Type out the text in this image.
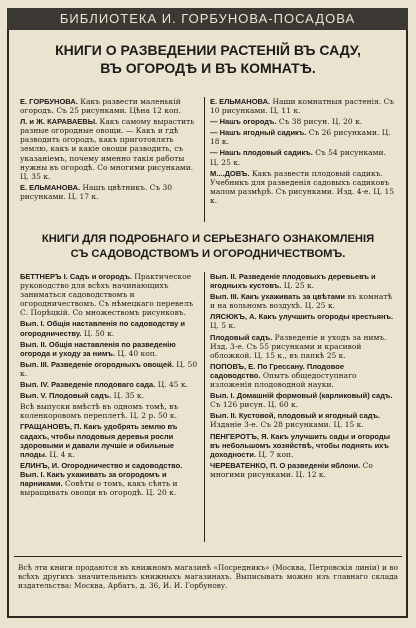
БИБЛИОТЕКА И. ГОРБУНОВА-ПОСАДОВА
КНИГИ О РАЗВЕДЕНИИ РАСТЕНІЙ ВЪ САДУ,
ВЪ ОГОРОДѢ И ВЪ КОМНАТѢ.
Е. ГОРБУНОВА. Какъ развести маленькій огородъ. Съ 25 рисунками. Цѣна 12 коп.
Л. и Ж. КАРАВАЕВЫ. Какъ самому вырастить разные огородные овощи. — Какъ и гдѣ разводить огородъ, какъ приготовлять землю, какъ и какіе овощи разводить, съ указаніемъ, почему именно такія работы нужны въ огородѣ. Со многими рисунками. Ц. 35 к.
Е. ЕЛЬМАНОВА. Нашъ цвѣтникъ. Съ 30 рисунками. Ц. 17 к.
Е. ЕЛЬМАНОВА. Наши комнатныя растенія. Съ 10 рисунками. Ц. 11 к.
— Нашъ огородъ. Съ 38 рисун. Ц. 20 к.
— Нашъ ягодный садикъ. Съ 26 рисунками. Ц. 18 к.
— Нашъ плодовый садикъ. Съ 54 рисунками. Ц. 25 к.
М....ДОВЪ. Какъ развести плодовый садикъ. Учебникъ для разведенія садовыхъ садиковъ малом размѣрѣ. Съ рисунками. Изд. 4-е. Ц. 15 к.
КНИГИ ДЛЯ ПОДРОБНАГО И СЕРЬЕЗНАГО ОЗНАКОМЛЕНІЯ
СЪ САДОВОДСТВОМЪ И ОГОРОДНИЧЕСТВОМЪ.
БЕТТНЕРЪ І. Садъ и огородъ. Практическое руководство для всѣхъ начинающихъ заниматься садоводствомъ и огородничествомъ. Съ нѣмецкаго перевелъ С. Порѣцкій. Со множествомъ рисунковъ.
Вып. І. Общія наставленія по садоводству и огородничеству. Ц. 50 к.
Вып. ІІ. Общія наставленія по разведенію огорода и уходу за нимъ. Ц. 40 коп.
Вып. ІІІ. Разведеніе огородныхъ овощей. Ц. 50 к.
Вып. IV. Разведеніе плодоваго сада. Ц. 45 к.
Вып. V. Плодовый садъ. Ц. 35 к.
Всѣ выпуски вмѣстѣ въ одномъ томѣ, въ коленкоровомъ переплетѣ. Ц. 2 р. 50 к.
ГРАЩАНОВЪ, П. Какъ удобрять землю въ садахъ, чтобы плодовыя деревья росли здоровыми и давали лучшіе и обильные плоды. Ц. 4 к.
ЕЛИНЪ, И. Огородничество и садоводство. Вып. І. Какъ ухаживать за огородомъ и парниками. Совѣты о томъ, какъ сѣять и выращивать овощи въ огородѣ. Ц. 20 к.
Вып. ІІ. Разведеніе плодовыхъ деревьевъ и ягодныхъ кустовъ. Ц. 25 к.
Вып. ІІІ. Какъ ухаживать за цвѣтами въ комнатѣ и на вольномъ воздухѣ. Ц. 25 к.
ЛЯСЮКЪ, А. Какъ улучшить огороды крестьянъ. Ц. 5 к.
Плодовый садъ. Разведеніе и уходъ за нимъ. Изд. 3-е. Съ 55 рисунками и красивой обложкой. Ц. 15 к., въ папкѣ 25 к.
ПОПОВЪ, Е. По Грессану. Плодовое садоводство. Опытъ общедоступнаго изложенія плодоводной науки.
Вып. І. Домашній формовый (карликовый) садъ. Съ 126 рисун. Ц. 60 к.
Вып. ІІ. Кустовой, плодовый и ягодный садъ. Изданіе 3-е. Съ 28 рисунками. Ц. 15 к.
ПЕНГЕРОТЪ, Я. Какъ улучшить сады и огороды въ небольшомъ хозяйствѣ, чтобы поднять ихъ доходности. Ц. 7 коп.
ЧЕРЕВАТЕНКО, П. О разведеніи яблони. Со многими рисунками. Ц. 12 к.
Всѣ эти книги продаются въ книжномъ магазинѣ «Посредникъ» (Москва, Петровскія линіи) и во всѣхъ другихъ значительныхъ книжныхъ магазинахъ. Выписывать можно изъ главнаго склада издательства: Москва, Арбатъ, д. 36, И. И. Горбунову.
